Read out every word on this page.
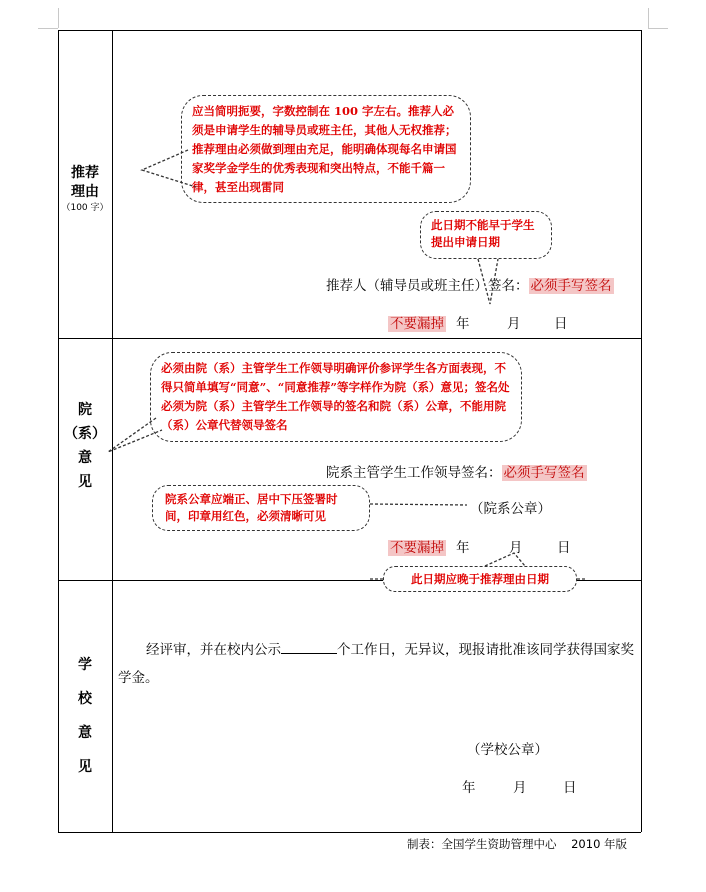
推荐
理由
（100 字）
应当简明扼要，字数控制在 100 字左右。推荐人必须是申请学生的辅导员或班主任，其他人无权推荐；推荐理由必须做到理由充足，能明确体现每名申请国家奖学金学生的优秀表现和突出特点，不能千篇一律，甚至出现雷同
此日期不能早于学生提出申请日期
推荐人（辅导员或班主任）签名： 必须手写签名
不要漏掉 年	月 日
院
（系）
意
见
必须由院（系）主管学生工作领导明确评价参评学生各方面表现，不得只简单填写“同意”、“同意推荐”等字样作为院（系）意见；签名处必须为院（系）主管学生工作领导的签名和院（系）公章，不能用院（系）公章代替领导签名
院系主管学生工作领导签名： 必须手写签名
院系公章应端正、居中下压签署时间，印章用红色，必须清晰可见	（院系公章）
不要漏掉 年	月	日
此日期应晚于推荐理由日期
学
校
意
见
经评审，并在校内公示	个工作日，无异议，现报请批准该同学获得国家奖学金。
（学校公章）
年	月	日
制表：全国学生资助管理中心    2010 年版
